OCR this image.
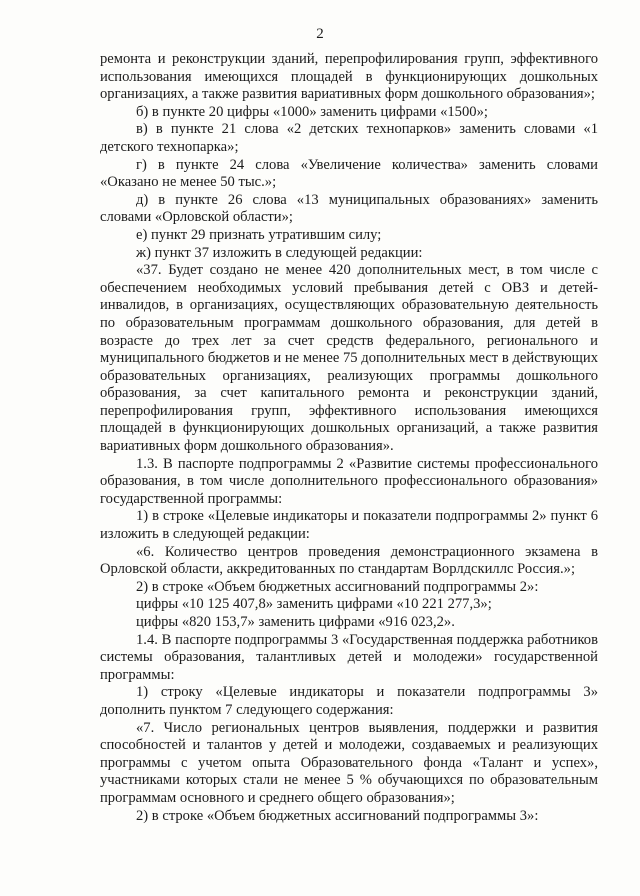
2

ремонта и реконструкции зданий, перепрофилирования групп, эффективного использования имеющихся площадей в функционирующих дошкольных организациях, а также развития вариативных форм дошкольного образования»;

б) в пункте 20 цифры «1000» заменить цифрами «1500»;

в) в пункте 21 слова «2 детских технопарков» заменить словами «1 детского технопарка»;

г) в пункте 24 слова «Увеличение количества» заменить словами «Оказано не менее 50 тыс.»;

д) в пункте 26 слова «13 муниципальных образованиях» заменить словами «Орловской области»;

е) пункт 29 признать утратившим силу;

ж) пункт 37 изложить в следующей редакции:

«37. Будет создано не менее 420 дополнительных мест, в том числе с обеспечением необходимых условий пребывания детей с ОВЗ и детей-инвалидов, в организациях, осуществляющих образовательную деятельность по образовательным программам дошкольного образования, для детей в возрасте до трех лет за счет средств федерального, регионального и муниципального бюджетов и не менее 75 дополнительных мест в действующих образовательных организациях, реализующих программы дошкольного образования, за счет капитального ремонта и реконструкции зданий, перепрофилирования групп, эффективного использования имеющихся площадей в функционирующих дошкольных организаций, а также развития вариативных форм дошкольного образования».

1.3. В паспорте подпрограммы 2 «Развитие системы профессионального образования, в том числе дополнительного профессионального образования» государственной программы:

1) в строке «Целевые индикаторы и показатели подпрограммы 2» пункт 6 изложить в следующей редакции:

«6. Количество центров проведения демонстрационного экзамена в Орловской области, аккредитованных по стандартам Ворлдскиллс Россия.»;

2) в строке «Объем бюджетных ассигнований подпрограммы 2»:

цифры «10 125 407,8» заменить цифрами «10 221 277,3»;

цифры «820 153,7» заменить цифрами «916 023,2».

1.4. В паспорте подпрограммы 3 «Государственная поддержка работников системы образования, талантливых детей и молодежи» государственной программы:

1) строку «Целевые индикаторы и показатели подпрограммы 3» дополнить пунктом 7 следующего содержания:

«7. Число региональных центров выявления, поддержки и развития способностей и талантов у детей и молодежи, создаваемых и реализующих программы с учетом опыта Образовательного фонда «Талант и успех», участниками которых стали не менее 5 % обучающихся по образовательным программам основного и среднего общего образования»;

2) в строке «Объем бюджетных ассигнований подпрограммы 3»:
